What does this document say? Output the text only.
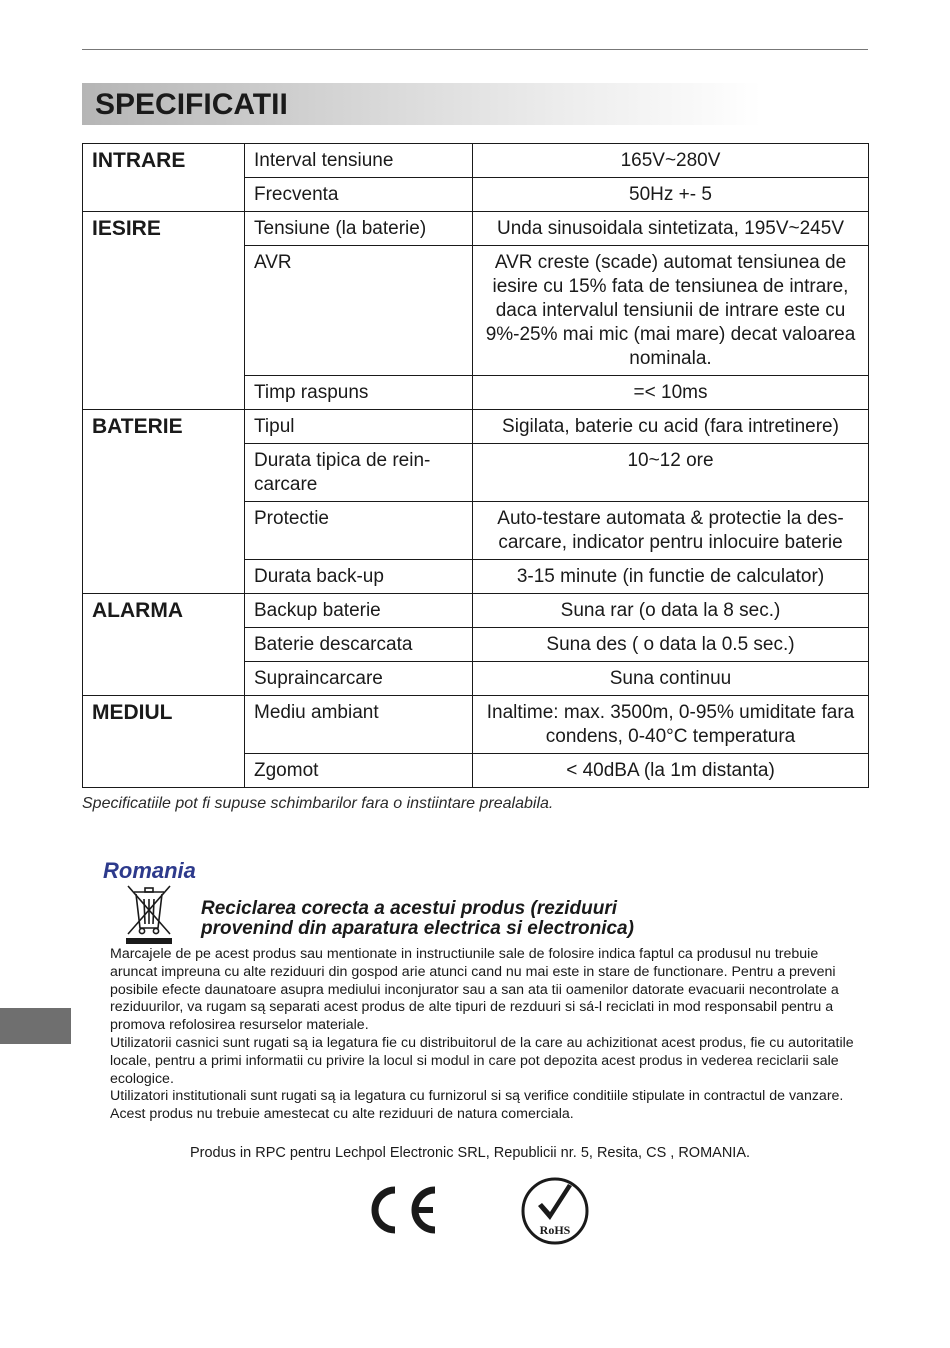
SPECIFICATII
INTRARE	Interval tensiune	165V~280V
	Frecventa	50Hz +- 5
IESIRE	Tensiune (la baterie)	Unda sinusoidala sintetizata, 195V~245V
	AVR	AVR creste (scade) automat tensiunea de iesire cu 15% fata de tensiunea de intrare, daca intervalul tensiunii de intrare este cu 9%-25% mai mic (mai mare) decat valoarea nominala.
	Timp raspuns	=< 10ms
BATERIE	Tipul	Sigilata, baterie cu acid (fara intretinere)
	Durata tipica de rein-carcare	10~12 ore
	Protectie	Auto-testare automata & protectie la des-carcare, indicator pentru inlocuire baterie
	Durata back-up	3-15 minute (in functie de calculator)
ALARMA	Backup baterie	Suna rar (o data la 8 sec.)
	Baterie descarcata	Suna des ( o data la 0.5 sec.)
	Supraincarcare	Suna continuu
MEDIUL	Mediu ambiant	Inaltime: max. 3500m, 0-95% umiditate fara condens, 0-40°C temperatura
	Zgomot	< 40dBA (la 1m distanta)
Specificatiile pot fi supuse schimbarilor fara o instiintare prealabila.
Romania
Reciclarea corecta a acestui produs (reziduuri
provenind din aparatura electrica si electronica)

Marcajele de pe acest produs sau mentionate in instructiunile sale de folosire indica faptul ca produsul nu trebuie aruncat impreuna cu alte reziduuri din gospod arie atunci cand nu mai este in stare de functionare. Pentru a preveni posibile efecte daunatoare asupra mediului inconjurator sau a san ata tii oamenilor datorate evacuarii necontrolate a reziduurilor, va rugam są separati acest produs de alte tipuri de rezduuri si sá-l reciclati in mod responsabil pentru a promova refolosirea resurselor materiale.

Utilizatorii casnici sunt rugati są ia legatura fie cu distribuitorul de la care au achizitionat acest produs, fie cu autoritatile locale, pentru a primi informatii cu privire la locul si modul in care pot depozita acest produs in vederea reciclarii sale ecologice.

Utilizatori institutionali sunt rugati są ia legatura cu furnizorul si są verifice conditiile stipulate in contractul de vanzare. Acest produs nu trebuie amestecat cu alte reziduuri de natura comerciala.

Produs in RPC pentru Lechpol Electronic SRL, Republicii nr. 5, Resita, CS , ROMANIA.
RoHS
